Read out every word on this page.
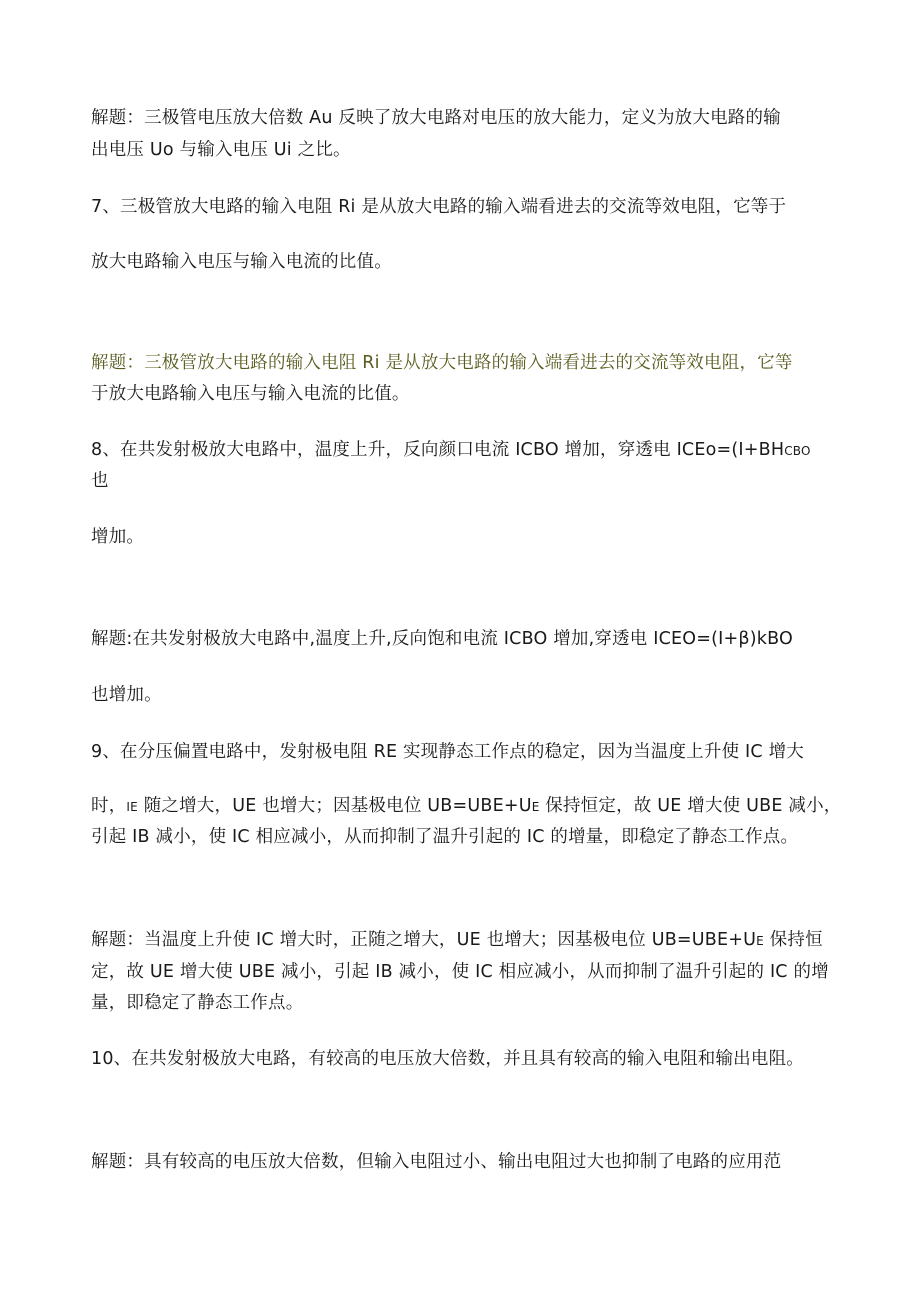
解题：三极管电压放大倍数 Au 反映了放大电路对电压的放大能力，定义为放大电路的输

出电压 Uo 与输入电压 Ui 之比。

7、三极管放大电路的输入电阻 Ri 是从放大电路的输入端看进去的交流等效电阻，它等于

放大电路输入电压与输入电流的比值。

解题：三极管放大电路的输入电阻 Ri 是从放大电路的输入端看进去的交流等效电阻，它等

于放大电路输入电压与输入电流的比值。

8、在共发射极放大电路中，温度上升，反向颜口电流 ICBO 增加，穿透电 ICEo=(I+BHCBO

也

增加。

解题:在共发射极放大电路中,温度上升,反向饱和电流 ICBO 增加,穿透电 ICEO=(I+β)kBO

也增加。

9、在分压偏置电路中，发射极电阻 RE 实现静态工作点的稳定，因为当温度上升使 IC 增大

时，IE 随之增大，UE 也增大；因基极电位 UB=UBE+UE 保持恒定，故 UE 增大使 UBE 减小，

引起 IB 减小，使 IC 相应减小，从而抑制了温升引起的 IC 的增量，即稳定了静态工作点。

解题：当温度上升使 IC 增大时，正随之增大，UE 也增大；因基极电位 UB=UBE+UE 保持恒

定，故 UE 增大使 UBE 减小，引起 IB 减小，使 IC 相应减小，从而抑制了温升引起的 IC 的增

量，即稳定了静态工作点。

10、在共发射极放大电路，有较高的电压放大倍数，并且具有较高的输入电阻和输出电阻。

解题：具有较高的电压放大倍数，但输入电阻过小、输出电阻过大也抑制了电路的应用范
